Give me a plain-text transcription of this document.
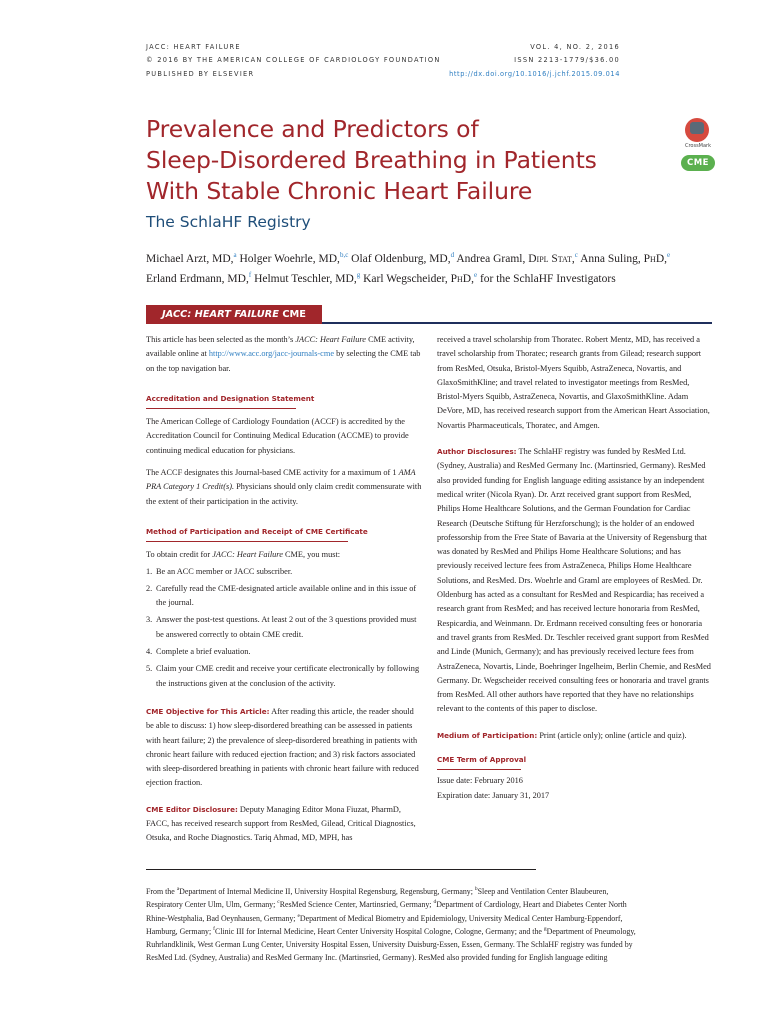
JACC: HEART FAILURE
© 2016 BY THE AMERICAN COLLEGE OF CARDIOLOGY FOUNDATION
PUBLISHED BY ELSEVIER
VOL. 4, NO. 2, 2016
ISSN 2213-1779/$36.00
http://dx.doi.org/10.1016/j.jchf.2015.09.014
Prevalence and Predictors of
Sleep-Disordered Breathing in Patients
With Stable Chronic Heart Failure
The SchlaHF Registry
CrossMark
CME
Michael Arzt, MD,$^a$ Holger Woehrle, MD,$^{b,c}$ Olaf Oldenburg, MD,$^d$ Andrea Graml, Dipl Stat,$^c$ Anna Suling, PhD,$^e$
Erland Erdmann, MD,$^f$ Helmut Teschler, MD,$^g$ Karl Wegscheider, PhD,$^e$ for the SchlaHF Investigators
JACC: HEART FAILURE CME

This article has been selected as the month’s JACC: Heart Failure CME activity, available online at http://www.acc.org/jacc-journals-cme by selecting the CME tab on the top navigation bar.

Accreditation and Designation Statement

The American College of Cardiology Foundation (ACCF) is accredited by the Accreditation Council for Continuing Medical Education (ACCME) to provide continuing medical education for physicians.

The ACCF designates this Journal-based CME activity for a maximum of 1 AMA PRA Category 1 Credit(s). Physicians should only claim credit commensurate with the extent of their participation in the activity.

Method of Participation and Receipt of CME Certificate

To obtain credit for JACC: Heart Failure CME, you must:

1. Be an ACC member or JACC subscriber.
2. Carefully read the CME-designated article available online and in this issue of the journal.
3. Answer the post-test questions. At least 2 out of the 3 questions provided must be answered correctly to obtain CME credit.
4. Complete a brief evaluation.
5. Claim your CME credit and receive your certificate electronically by following the instructions given at the conclusion of the activity.

CME Objective for This Article: After reading this article, the reader should be able to discuss: 1) how sleep-disordered breathing can be assessed in patients with heart failure; 2) the prevalence of sleep-disordered breathing in patients with chronic heart failure with reduced ejection fraction; and 3) risk factors associated with sleep-disordered breathing in patients with chronic heart failure with reduced ejection fraction.

CME Editor Disclosure: Deputy Managing Editor Mona Fiuzat, PharmD, FACC, has received research support from ResMed, Gilead, Critical Diagnostics, Otsuka, and Roche Diagnostics. Tariq Ahmad, MD, MPH, has

received a travel scholarship from Thoratec. Robert Mentz, MD, has received a travel scholarship from Thoratec; research grants from Gilead; research support from ResMed, Otsuka, Bristol-Myers Squibb, AstraZeneca, Novartis, and GlaxoSmithKline; and travel related to investigator meetings from ResMed, Bristol-Myers Squibb, AstraZeneca, Novartis, and GlaxoSmithKline. Adam DeVore, MD, has received research support from the American Heart Association, Novartis Pharmaceuticals, Thoratec, and Amgen.

Author Disclosures: The SchlaHF registry was funded by ResMed Ltd. (Sydney, Australia) and ResMed Germany Inc. (Martinsried, Germany). ResMed also provided funding for English language editing assistance by an independent medical writer (Nicola Ryan). Dr. Arzt received grant support from ResMed, Philips Home Healthcare Solutions, and the German Foundation for Cardiac Research (Deutsche Stiftung für Herzforschung); is the holder of an endowed professorship from the Free State of Bavaria at the University of Regensburg that was donated by ResMed and Philips Home Healthcare Solutions; and has previously received lecture fees from AstraZeneca, Philips Home Healthcare Solutions, and ResMed. Drs. Woehrle and Graml are employees of ResMed. Dr. Oldenburg has acted as a consultant for ResMed and Respicardia; has received a research grant from ResMed; and has received lecture honoraria from ResMed, Respicardia, and Weinmann. Dr. Erdmann received consulting fees or honoraria and travel grants from ResMed. Dr. Teschler received grant support from ResMed and Linde (Munich, Germany); and has previously received lecture fees from AstraZeneca, Novartis, Linde, Boehringer Ingelheim, Berlin Chemie, and ResMed Germany. Dr. Wegscheider received consulting fees or honoraria and travel grants from ResMed. All other authors have reported that they have no relationships relevant to the contents of this paper to disclose.

Medium of Participation: Print (article only); online (article and quiz).

CME Term of Approval

Issue date: February 2016

Expiration date: January 31, 2017

From the $^a$Department of Internal Medicine II, University Hospital Regensburg, Regensburg, Germany; $^b$Sleep and Ventilation Center Blaubeuren, Respiratory Center Ulm, Ulm, Germany; $^c$ResMed Science Center, Martinsried, Germany; $^d$Department of Cardiology, Heart and Diabetes Center North Rhine-Westphalia, Bad Oeynhausen, Germany; $^e$Department of Medical Biometry and Epidemiology, University Medical Center Hamburg-Eppendorf, Hamburg, Germany; $^f$Clinic III for Internal Medicine, Heart Center University Hospital Cologne, Cologne, Germany; and the $^g$Department of Pneumology, Ruhrlandklinik, West German Lung Center, University Hospital Essen, University Duisburg-Essen, Essen, Germany. The SchlaHF registry was funded by ResMed Ltd. (Sydney, Australia) and ResMed Germany Inc. (Martinsried, Germany). ResMed also provided funding for English language editing
